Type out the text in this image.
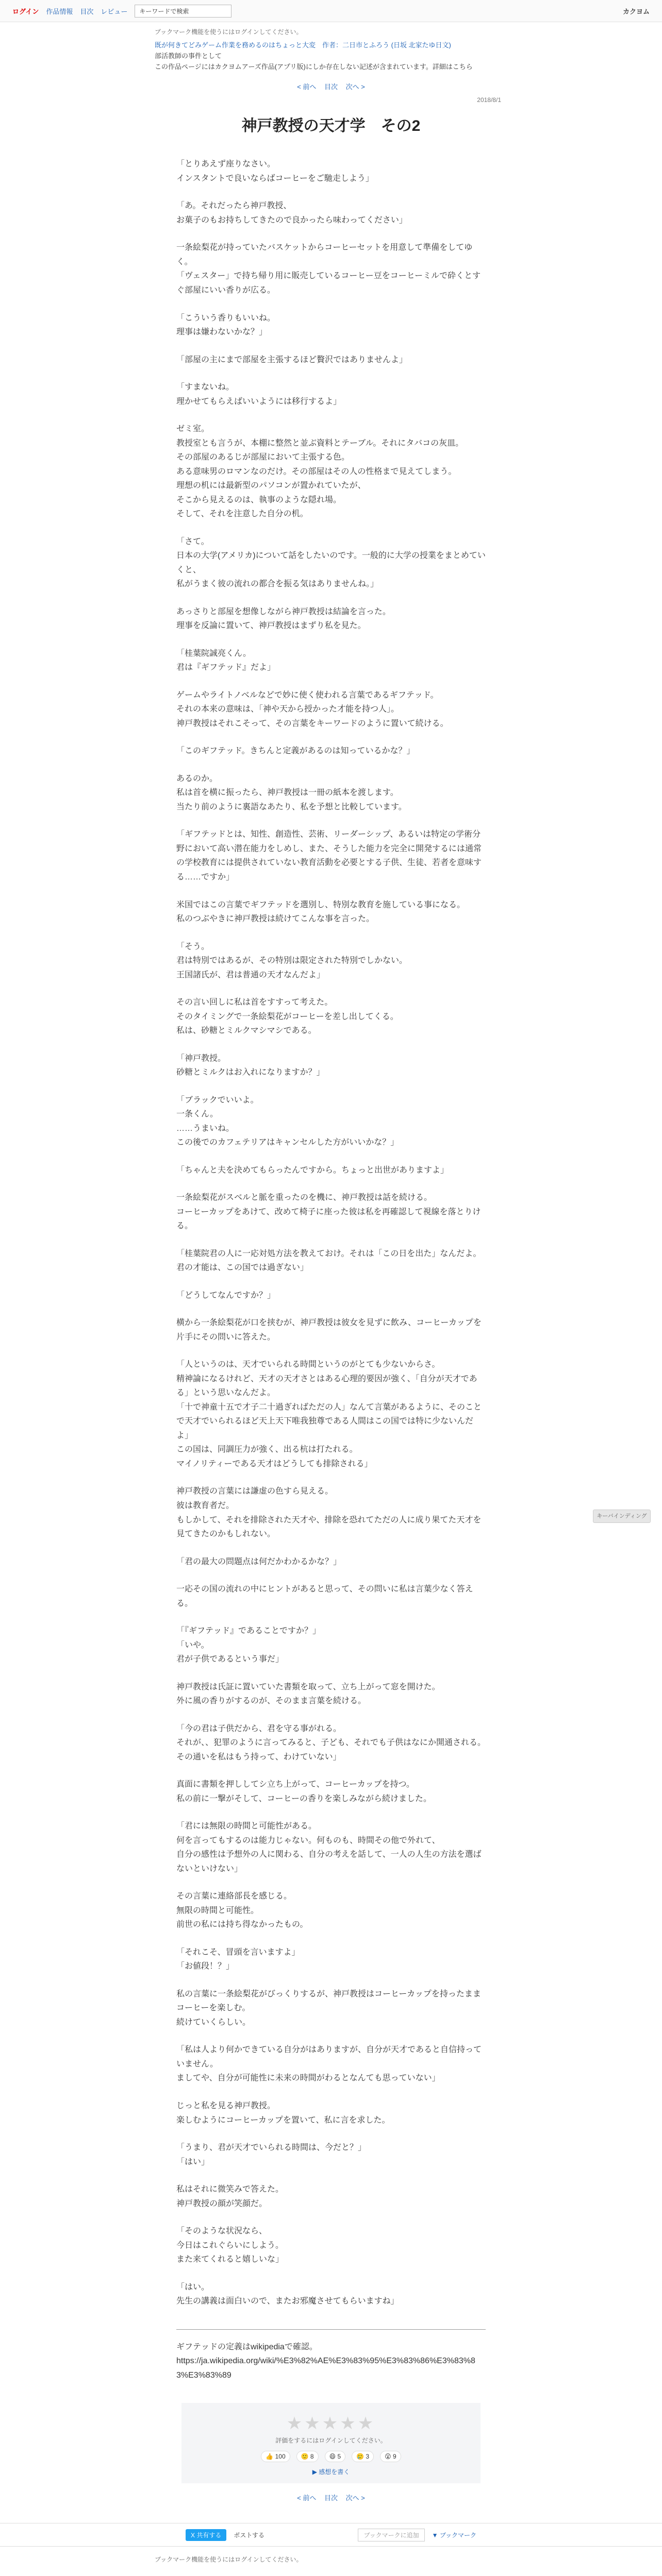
ログイン 作品情報 目次 レビュー	キーワードで検索	カクヨム
ブックマーク機能を使うにはログインしてください。
既が何きてどみゲーム作業を務めるのはちょっと大変　作者：二日市とふろう (日坂 北家たゆ日文)
部活教師の事件として
この作品ページにはカクヨムアーズ作品(アプリ版)にしか存在しない記述が含まれています。詳細はこちら
< 前へ 目次 次へ >
2018/8/1
神戸教授の天才学　その2

「とりあえず座りなさい。
インスタントで良いならばコーヒーをご馳走しよう」

「あ。それだったら神戸教授、
お菓子のもお持ちしてきたので良かったら味わってください」

一条絵梨花が持っていたバスケットからコーヒーセットを用意して準備をしてゆく。
「ヴェスター」で持ち帰り用に販売しているコーヒー豆をコーヒーミルで砕くとすぐ部屋にいい香りが広る。

「こういう香りもいいね。
理事は嫌わないかな？」

「部屋の主にまで部屋を主張するほど贅沢ではありませんよ」

「すまないね。
理かせてもらえばいいようには移行するよ」

ゼミ室。
教授室とも言うが、本棚に整然と並ぶ資料とテーブル。それにタバコの灰皿。
その部屋のあるじが部屋において主張する色。
ある意味男のロマンなのだけ。その部屋はその人の性格まで見えてしまう。
理想の机には最新型のパソコンが置かれていたが、
そこから見えるのは、執事のような隠れ場。
そして、それを注意した自分の机。

「さて。
日本の大学(アメリカ)について話をしたいのです。一般的に大学の授業をまとめていくと、
私がうまく彼の流れの都合を振る気はありませんね。」

あっさりと部屋を想像しながら神戸教授は結論を言った。
理事を反論に置いて、神戸教授はまずり私を見た。

「桂葉院誠亮くん。
君は『ギフテッド』だよ」

ゲームやライトノベルなどで妙に使く使われる言葉であるギフテッド。
それの本来の意味は、「神や天から授かった才能を持つ人」。
神戸教授はそれこそって、その言葉をキーワードのように置いて続ける。

「このギフテッド。きちんと定義があるのは知っているかな？」

あるのか。
私は首を横に振ったら、神戸教授は一冊の紙本を渡します。
当たり前のように裏語なあたり、私を予想と比較しています。

「ギフテッドとは、知性、創造性、芸術、リーダーシップ、あるいは特定の学術分野において高い潜在能力をしめし、また、そうした能力を完全に開発するには通常の学校教育には提供されていない教育活動を必要とする子供、生徒、若者を意味する……ですか」

米国ではこの言葉でギフテッドを選別し、特別な教育を施している事になる。
私のつぶやきに神戸教授は続けてこんな事を言った。

「そう。
君は特別ではあるが、その特別は限定された特別でしかない。
王国諸氏が、君は普通の天才なんだよ」

その言い回しに私は首をすすって考えた。
そのタイミングで一条絵梨花がコーヒーを差し出してくる。
私は、砂糖とミルクマシマシである。

「神戸教授。
砂糖とミルクはお入れになりますか？」

「ブラックでいいよ。
一条くん。
……うまいね。
この後でのカフェテリアはキャンセルした方がいいかな？」

「ちゃんと夫を決めてもらったんですから。ちょっと出世がありますよ」

一条絵梨花がスベルと脈を重ったのを機に、神戸教授は話を続ける。
コーヒーカップをあけて、改めて椅子に座った彼は私を再確認して視線を落とりける。

「桂葉院君の人に一応対処方法を教えておけ。それは「この日を出た」なんだよ。
君の才能は、この国では過ぎない」

「どうしてなんですか？」

横から一条絵梨花が口を挟むが、神戸教授は彼女を見ずに飲み、コーヒーカップを片手にその問いに答えた。

「人というのは、天才でいられる時間というのがとても少ないからさ。
精神論になるけれど、天才の天才さとはある心理的要因が強く、「自分が天才である」という思いなんだよ。
「十で神童十五で才子二十過ぎればただの人」なんて言葉があるように、そのことで天才でいられるほど天上天下唯我独尊である人間はこの国では特に少ないんだよ」
この国は、同調圧力が強く、出る杭は打たれる。
マイノリティーである天才はどうしても排除される」

神戸教授の言葉には謙虚の色すら見える。
彼は教育者だ。
もしかして、それを排除された天才や、排除を恐れてただの人に成り果てた天才を見てきたのかもしれない。

「君の最大の問題点は何だかわかるかな？」

一応その国の流れの中にヒントがあると思って、その問いに私は言葉少なく答える。

「『ギフテッド』であることですか？」
「いや。
君が子供であるという事だ」

神戸教授は氏証に置いていた書類を取って、立ち上がって窓を開けた。
外に風の香りがするのが、そのまま言葉を続ける。

「今の君は子供だから、君を守る事がれる。
それが、、犯罪のように言ってみると、子ども、それでも子供はなにか開通される。
その通いを私はもう持って、わけていない」

真面に書類を押ししてシ立ち上がって、コーヒーカップを持つ。
私の前に一撃がそして、コーヒーの香りを楽しみながら続けました。

「君には無限の時間と可能性がある。
何を言ってもするのは能力じゃない。何ものも、時間その他で外れて、
自分の感性は予想外の人に関わる、自分の考えを話して、一人の人生の方法を選ばないといけない」

その言葉に連絡部長を感じる。
無限の時間と可能性。
前世の私には持ち得なかったもの。

「それこそ、冒頭を言いますよ」
「お値段！？」

私の言葉に一条絵梨花がびっくりするが、神戸教授はコーヒーカップを持ったままコーヒーを楽しむ。
続けていくらしい。

「私は人より何かできている自分がはありますが、自分が天才であると自信持っていません。
ましてや、自分が可能性に未来の時間がわるとなんても思っていない」

じっと私を見る神戸教授。
楽しむようにコーヒーカップを置いて、私に言を求した。

「うまり、君が天才でいられる時間は、今だと？」
「はい」

私はそれに微笑みで答えた。
神戸教授の顔が笑顔だ。

「そのような状況なら、
今日はこれぐらいにしよう。
また来てくれると嬉しいな」

「はい。
先生の講義は面白いので、またお邪魔させてもらいますね」

ギフテッドの定義はwikipediaで確認。
https://ja.wikipedia.org/wiki/%E3%82%AE%E3%83%95%E3%83%86%E3%83%83%E3%83%89
★★★★★
評価をするにはログインしてください。
👍 100	🙂 8	😄 5	🥲 3	😮 9
▶ 感想を書く
< 前へ 目次 次へ >
キーバインディング
X 共有する	ポストする	ブックマークに追加	▼ ブックマーク
ブックマーク機能を使うにはログインしてください。
